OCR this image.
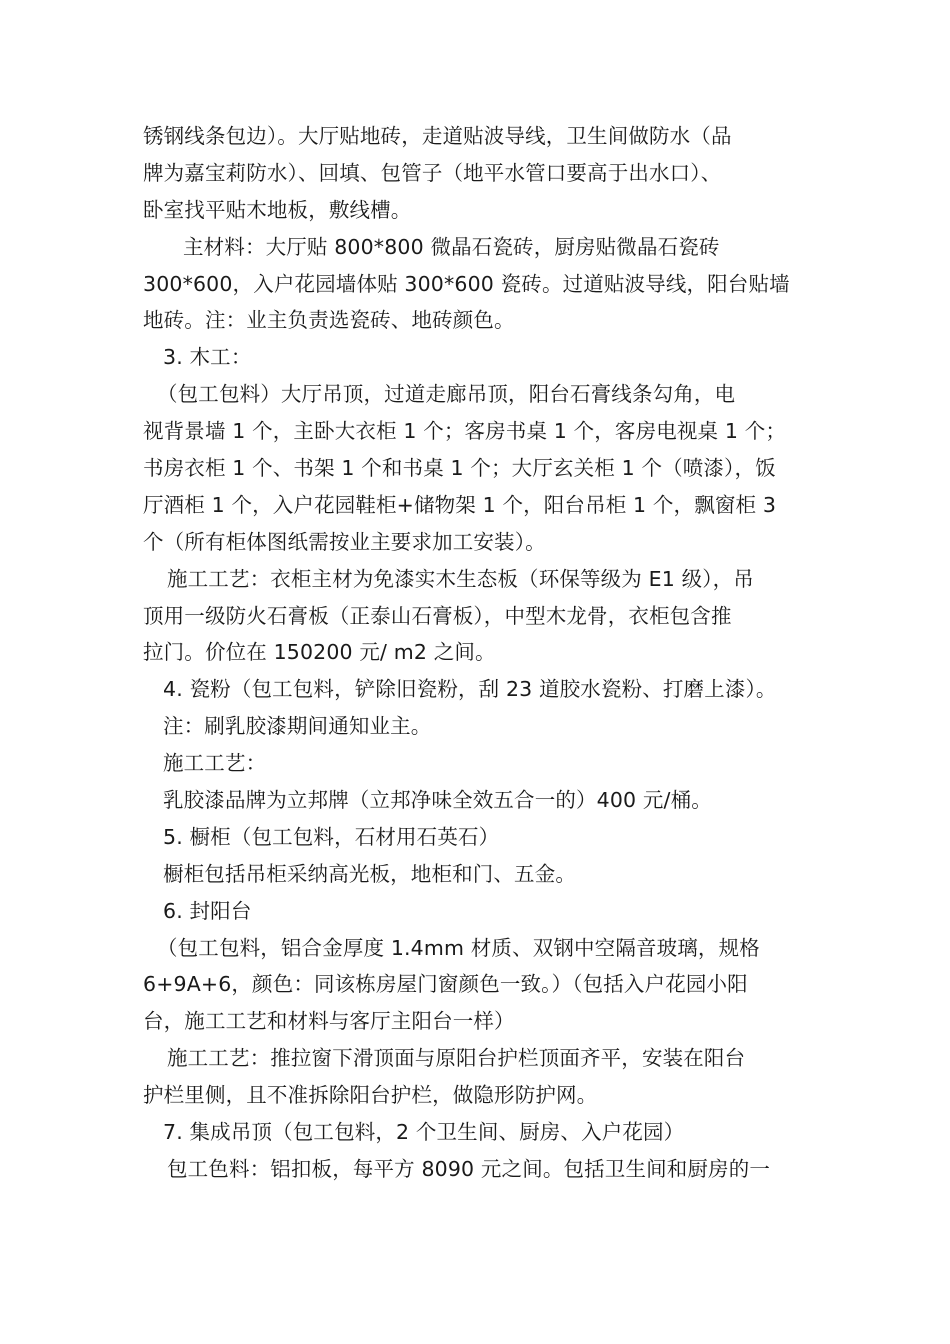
锈钢线条包边）。大厅贴地砖，走道贴波导线，卫生间做防水（品
牌为嘉宝莉防水）、回填、包管子（地平水管口要高于出水口）、
卧室找平贴木地板，敷线槽。
主材料：大厅贴 800*800 微晶石瓷砖，厨房贴微晶石瓷砖
300*600，入户花园墙体贴 300*600 瓷砖。过道贴波导线，阳台贴墙
地砖。注：业主负责选瓷砖、地砖颜色。
3. 木工：
（包工包料）大厅吊顶，过道走廊吊顶，阳台石膏线条勾角，电
视背景墙 1 个，主卧大衣柜 1 个；客房书桌 1 个，客房电视桌 1 个；
书房衣柜 1 个、书架 1 个和书桌 1 个；大厅玄关柜 1 个（喷漆），饭
厅酒柜 1 个，入户花园鞋柜+储物架 1 个，阳台吊柜 1 个，飘窗柜 3
个（所有柜体图纸需按业主要求加工安装）。
施工工艺：衣柜主材为免漆实木生态板（环保等级为 E1 级），吊
顶用一级防火石膏板（正泰山石膏板），中型木龙骨，衣柜包含推
拉门。价位在 150200 元/ m2 之间。
4. 瓷粉（包工包料，铲除旧瓷粉，刮 23 道胶水瓷粉、打磨上漆）。
注：刷乳胶漆期间通知业主。
施工工艺：
乳胶漆品牌为立邦牌（立邦净味全效五合一的）400 元/桶。
5. 橱柜（包工包料，石材用石英石）
橱柜包括吊柜采纳高光板，地柜和门、五金。
6. 封阳台
（包工包料，铝合金厚度 1.4mm 材质、双钢中空隔音玻璃，规格
6+9A+6，颜色：同该栋房屋门窗颜色一致。）（包括入户花园小阳
台，施工工艺和材料与客厅主阳台一样）
施工工艺：推拉窗下滑顶面与原阳台护栏顶面齐平，安装在阳台
护栏里侧，且不准拆除阳台护栏，做隐形防护网。
7. 集成吊顶（包工包料，2 个卫生间、厨房、入户花园）
包工色料：铝扣板，每平方 8090 元之间。包括卫生间和厨房的一
